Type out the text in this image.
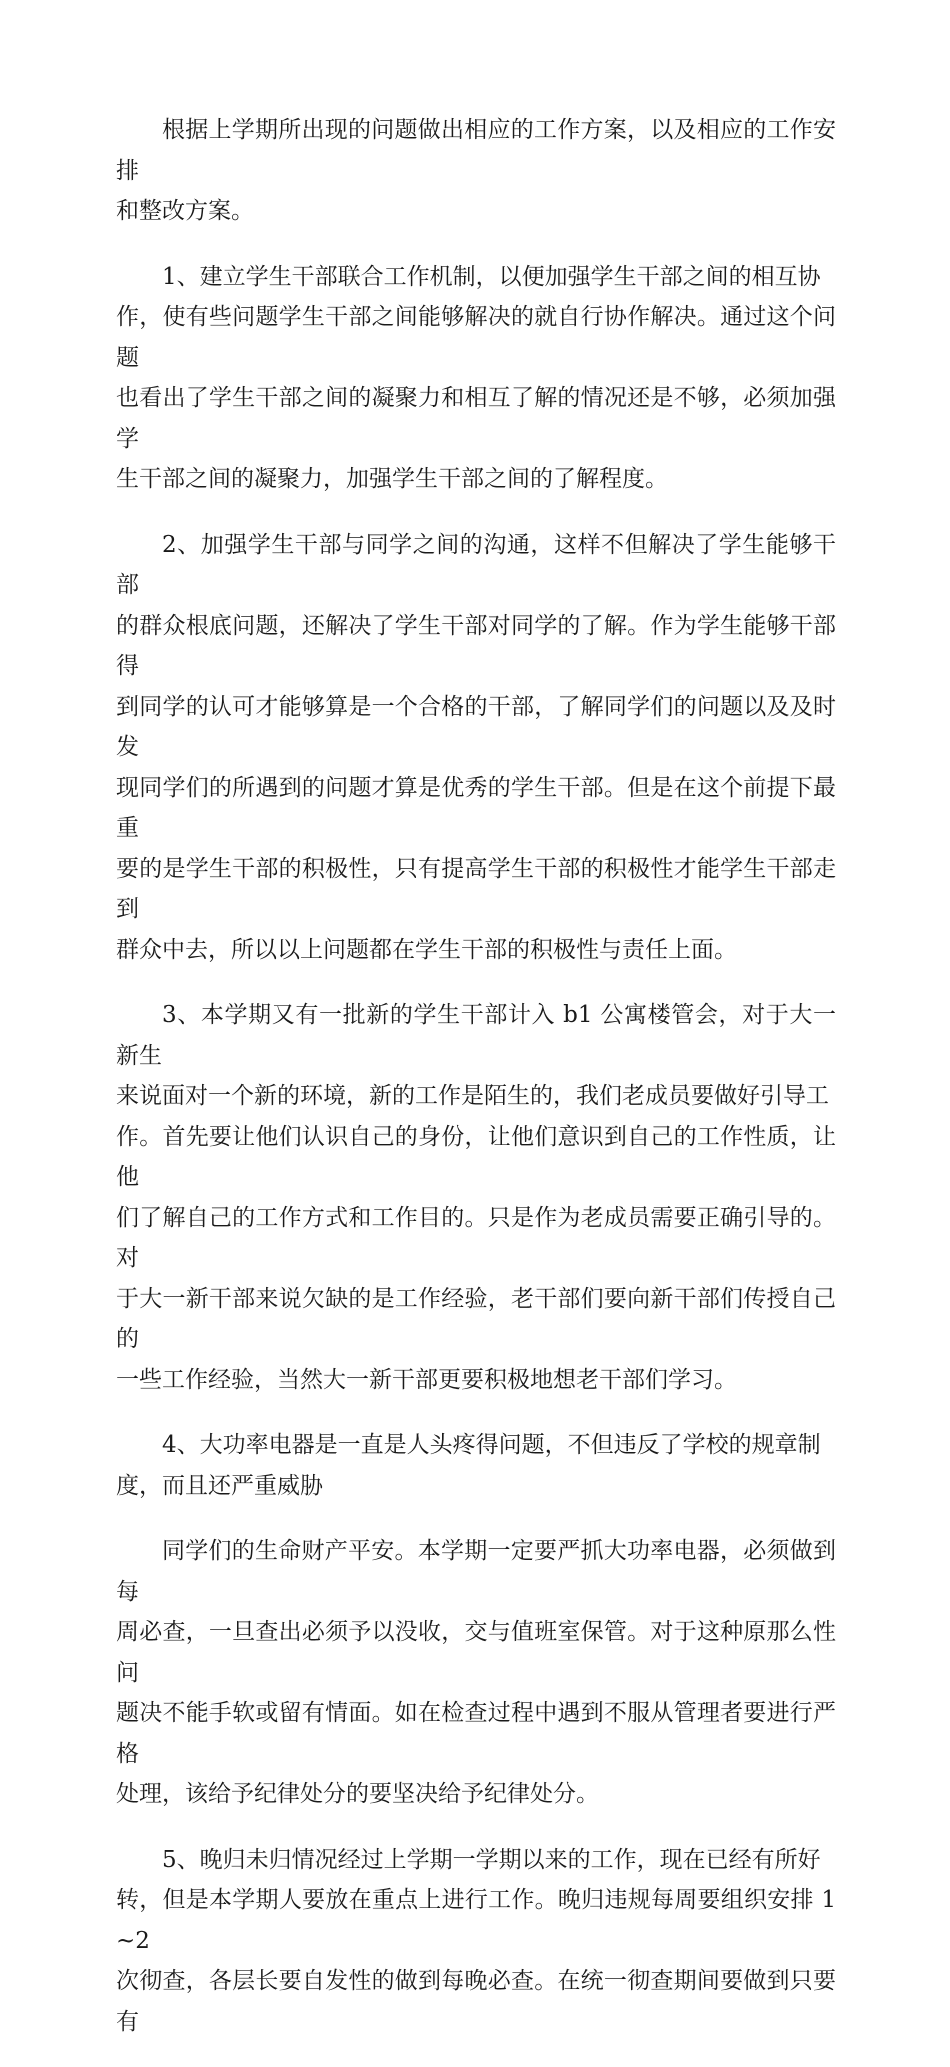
根据上学期所出现的问题做出相应的工作方案，以及相应的工作安排
和整改方案。

1、建立学生干部联合工作机制，以便加强学生干部之间的相互协
作，使有些问题学生干部之间能够解决的就自行协作解决。通过这个问题
也看出了学生干部之间的凝聚力和相互了解的情况还是不够，必须加强学
生干部之间的凝聚力，加强学生干部之间的了解程度。

2、加强学生干部与同学之间的沟通，这样不但解决了学生能够干部
的群众根底问题，还解决了学生干部对同学的了解。作为学生能够干部得
到同学的认可才能够算是一个合格的干部，了解同学们的问题以及及时发
现同学们的所遇到的问题才算是优秀的学生干部。但是在这个前提下最重
要的是学生干部的积极性，只有提高学生干部的积极性才能学生干部走到
群众中去，所以以上问题都在学生干部的积极性与责任上面。

3、本学期又有一批新的学生干部计入 b1 公寓楼管会，对于大一新生
来说面对一个新的环境，新的工作是陌生的，我们老成员要做好引导工
作。首先要让他们认识自己的身份，让他们意识到自己的工作性质，让他
们了解自己的工作方式和工作目的。只是作为老成员需要正确引导的。对
于大一新干部来说欠缺的是工作经验，老干部们要向新干部们传授自己的
一些工作经验，当然大一新干部更要积极地想老干部们学习。

4、大功率电器是一直是人头疼得问题，不但违反了学校的规章制
度，而且还严重威胁

同学们的生命财产平安。本学期一定要严抓大功率电器，必须做到每
周必查，一旦查出必须予以没收，交与值班室保管。对于这种原那么性问
题决不能手软或留有情面。如在检查过程中遇到不服从管理者要进行严格
处理，该给予纪律处分的要坚决给予纪律处分。

5、晚归未归情况经过上学期一学期以来的工作，现在已经有所好
转，但是本学期人要放在重点上进行工作。晚归违规每周要组织安排 1~2
次彻查，各层长要自发性的做到每晚必查。在统一彻查期间要做到只要有
